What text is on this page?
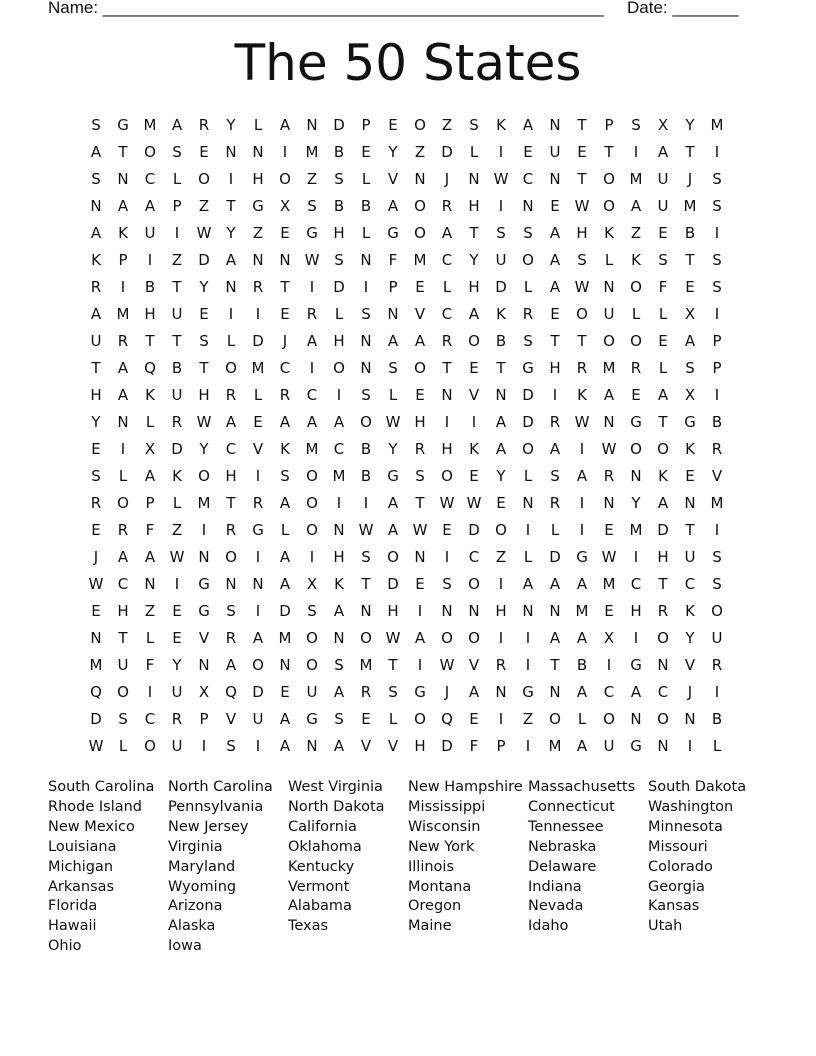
Name: _____________________________________________________ Date: _______
The 50 States
S	G M	A	R	Y	L	A	N	D	P	E	O	Z	S	K	A	N	T	P	S	X	Y	M
A	T	O	S	E	N	N	I	M	B	E	Y	Z	D	L	I	E	U	E	T	I	A	T	I
S	N	C	L	O	I	H	O	Z	S	L	V	N	J	N W C	N	T	O M	U	J	S
N	A	A	P	Z	T	G	X	S	B	B	A	O	R	H	I	N	E W O	A	U	M	S
A	K	U	I	W Y	Z	E	G	H	L	G	O	A	T	S	S	A	H	K	Z	E	B	I
K	P	I	Z	D	A	N	N W S	N	F	M	C	Y	U	O	A	S	L	K	S	T	S
R	I	B	T	Y	N	R	T	I	D	I	P	E	L	H	D	L	A W N	O	F	E	S
A	M H	U	E	I	I	E	R	L	S	N	V	C	A	K	R	E	O	U	L	L	X	I
U	R	T	T	S	L	D	J	A	H	N	A	A	R	O	B	S	T	T	O	O	E	A	P
T	A	Q	B	T	O M	C	I	O	N	S	O	T	E	T	G	H	R	M	R	L	S	P
H	A	K	U	H	R	L	R	C	I	S	L	E	N	V	N	D	I	K	A	E	A	X	I
Y	N	L	R W A	E	A	A	A	O W H	I	I	A	D	R W N	G	T	G	B
E	I	X	D	Y	C	V	K	M	C	B	Y	R	H	K	A	O	A	I	W O	O	K	R
S	L	A	K	O	H	I	S	O M	B	G	S	O	E	Y	L	S	A	R	N	K	E	V
R	O	P	L	M	T	R	A	O	I	I	A	T	W W E	N	R	I	N	Y	A	N M
E	R	F	Z	I	R	G	L	O	N W A W E	D	O	I	L	I	E	M D	T	I
J	A	A W N	O	I	A	I	H	S	O	N	I	C	Z	L	D	G W	I	H	U	S
W C	N	I	G	N	N	A	X	K	T	D	E	S	O	I	A	A	A	M	C	T	C	S
E	H	Z	E	G	S	I	D	S	A	N	H	I	N	N	H	N	N M	E	H	R	K	O
N	T	L	E	V	R	A	M O	N	O W A	O	O	I	I	A	A	X	I	O	Y	U
M	U	F	Y	N	A	O	N	O	S	M	T	I	W V	R	I	T	B	I	G	N	V	R
Q	O	I	U	X	Q	D	E	U	A	R	S	G	J	A	N	G	N	A	C	A	C	J	I
D	S	C	R	P	V	U	A	G	S	E	L	O	Q	E	I	Z	O	L	O	N	O	N	B
W	L	O	U	I	S	I	A	N	A	V	V	H	D	F	P	I	M	A	U	G	N	I	L
South Carolina
Rhode Island
New Mexico
Louisiana
Michigan
Arkansas
Florida
Hawaii
Ohio
North Carolina
Pennsylvania
New Jersey
Virginia
Maryland
Wyoming
Arizona
Alaska
Iowa
West Virginia
North Dakota
California
Oklahoma
Kentucky
Vermont
Alabama
Texas
New Hampshire
Mississippi
Wisconsin
New York
Illinois
Montana
Oregon
Maine
Massachusetts
Connecticut
Tennessee
Nebraska
Delaware
Indiana
Nevada
Idaho
South Dakota
Washington
Minnesota
Missouri
Colorado
Georgia
Kansas
Utah
